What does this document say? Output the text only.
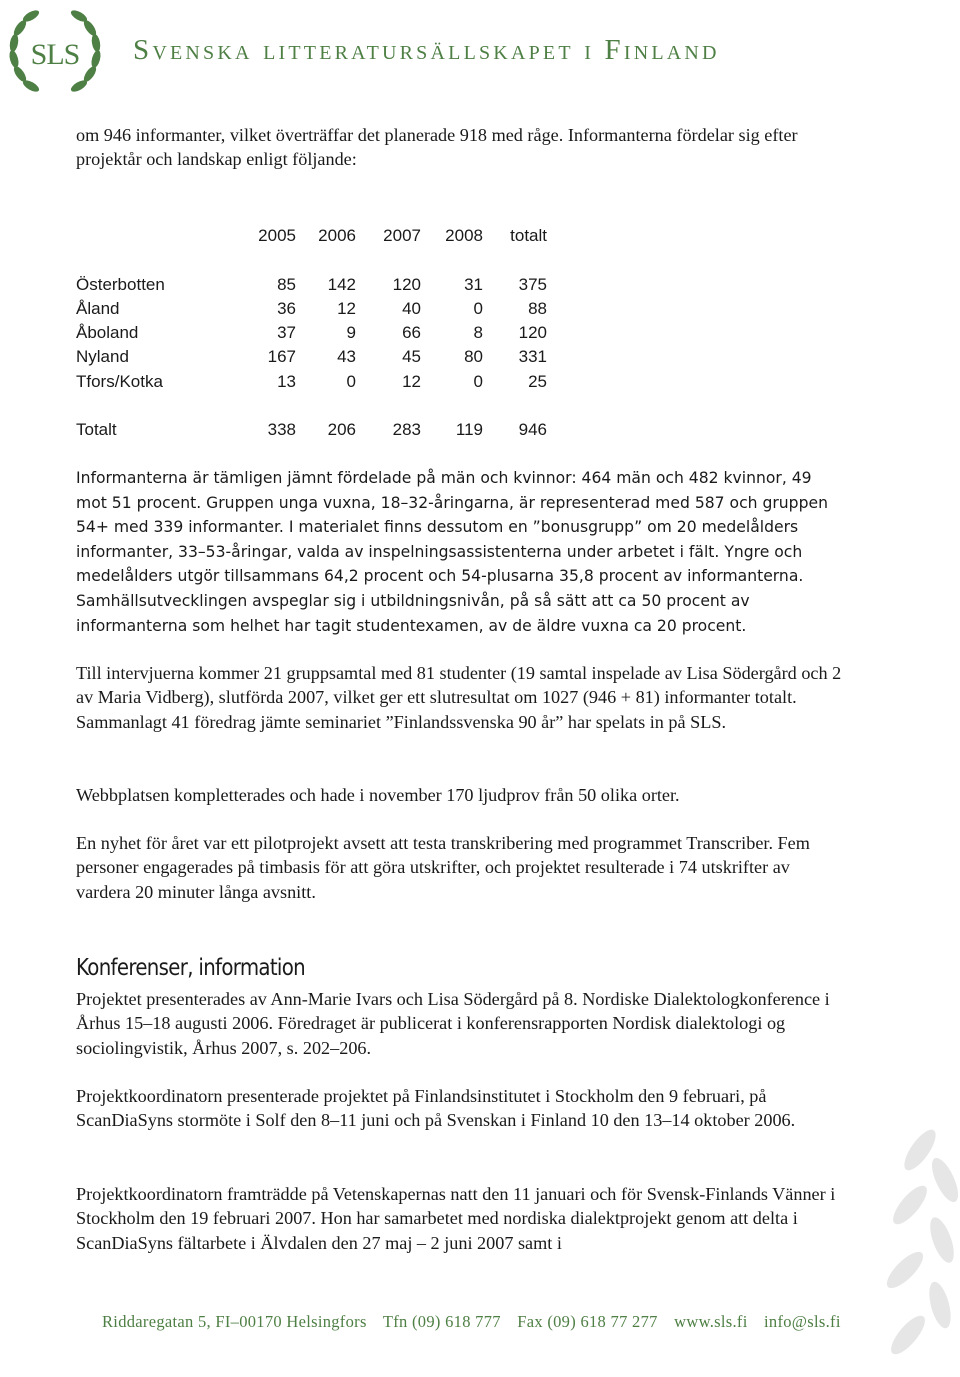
SLS Svenska litteratursällskapet i Finland

om 946 informanter, vilket överträffar det planerade 918 med råge. Informanterna fördelar sig efter projektår och landskap enligt följande:

	2005	2006	2007	2008	totalt

Österbotten	85	142	120	31	375
Åland	36	12	40	0	88
Åboland	37	9	66	8	120
Nyland	167	43	45	80	331
Tfors/Kotka	13	0	12	0	25

Totalt	338	206	283	119	946

Informanterna är tämligen jämnt fördelade på män och kvinnor: 464 män och 482 kvinnor, 49 mot 51 procent. Gruppen unga vuxna, 18–32-åringarna, är representerad med 587 och gruppen 54+ med 339 informanter. I materialet finns dessutom en ”bonusgrupp” om 20 medelålders informanter, 33–53-åringar, valda av inspelningsassistenterna under arbetet i fält. Yngre och medelålders utgör tillsammans 64,2 procent och 54-plusarna 35,8 procent av informanterna. Samhällsutvecklingen avspeglar sig i utbildningsnivån, på så sätt att ca 50 procent av informanterna som helhet har tagit studentexamen, av de äldre vuxna ca 20 procent.

Till intervjuerna kommer 21 gruppsamtal med 81 studenter (19 samtal inspelade av Lisa Södergård och 2 av Maria Vidberg), slutförda 2007, vilket ger ett slutresultat om 1027 (946 + 81) informanter totalt. Sammanlagt 41 föredrag jämte seminariet ”Finlandssvenska 90 år” har spelats in på SLS.

Webbplatsen kompletterades och hade i november 170 ljudprov från 50 olika orter.

En nyhet för året var ett pilotprojekt avsett att testa transkribering med programmet Transcriber. Fem personer engagerades på timbasis för att göra utskrifter, och projektet resulterade i 74 utskrifter av vardera 20 minuter långa avsnitt.

Konferenser, information

Projektet presenterades av Ann-Marie Ivars och Lisa Södergård på 8. Nordiske Dialektologkonference i Århus 15–18 augusti 2006. Föredraget är publicerat i konferensrapporten Nordisk dialektologi og sociolingvistik, Århus 2007, s. 202–206.

Projektkoordinatorn presenterade projektet på Finlandsinstitutet i Stockholm den 9 februari, på ScanDiaSyns stormöte i Solf den 8–11 juni och på Svenskan i Finland 10 den 13–14 oktober 2006.

Projektkoordinatorn framträdde på Vetenskapernas natt den 11 januari och för Svensk-Finlands Vänner i Stockholm den 19 februari 2007. Hon har samarbetet med nordiska dialektprojekt genom att delta i ScanDiaSyns fältarbete i Älvdalen den 27 maj – 2 juni 2007 samt i

Riddaregatan 5, FI–00170 Helsingfors Tfn (09) 618 777 Fax (09) 618 77 277 www.sls.fi info@sls.fi
